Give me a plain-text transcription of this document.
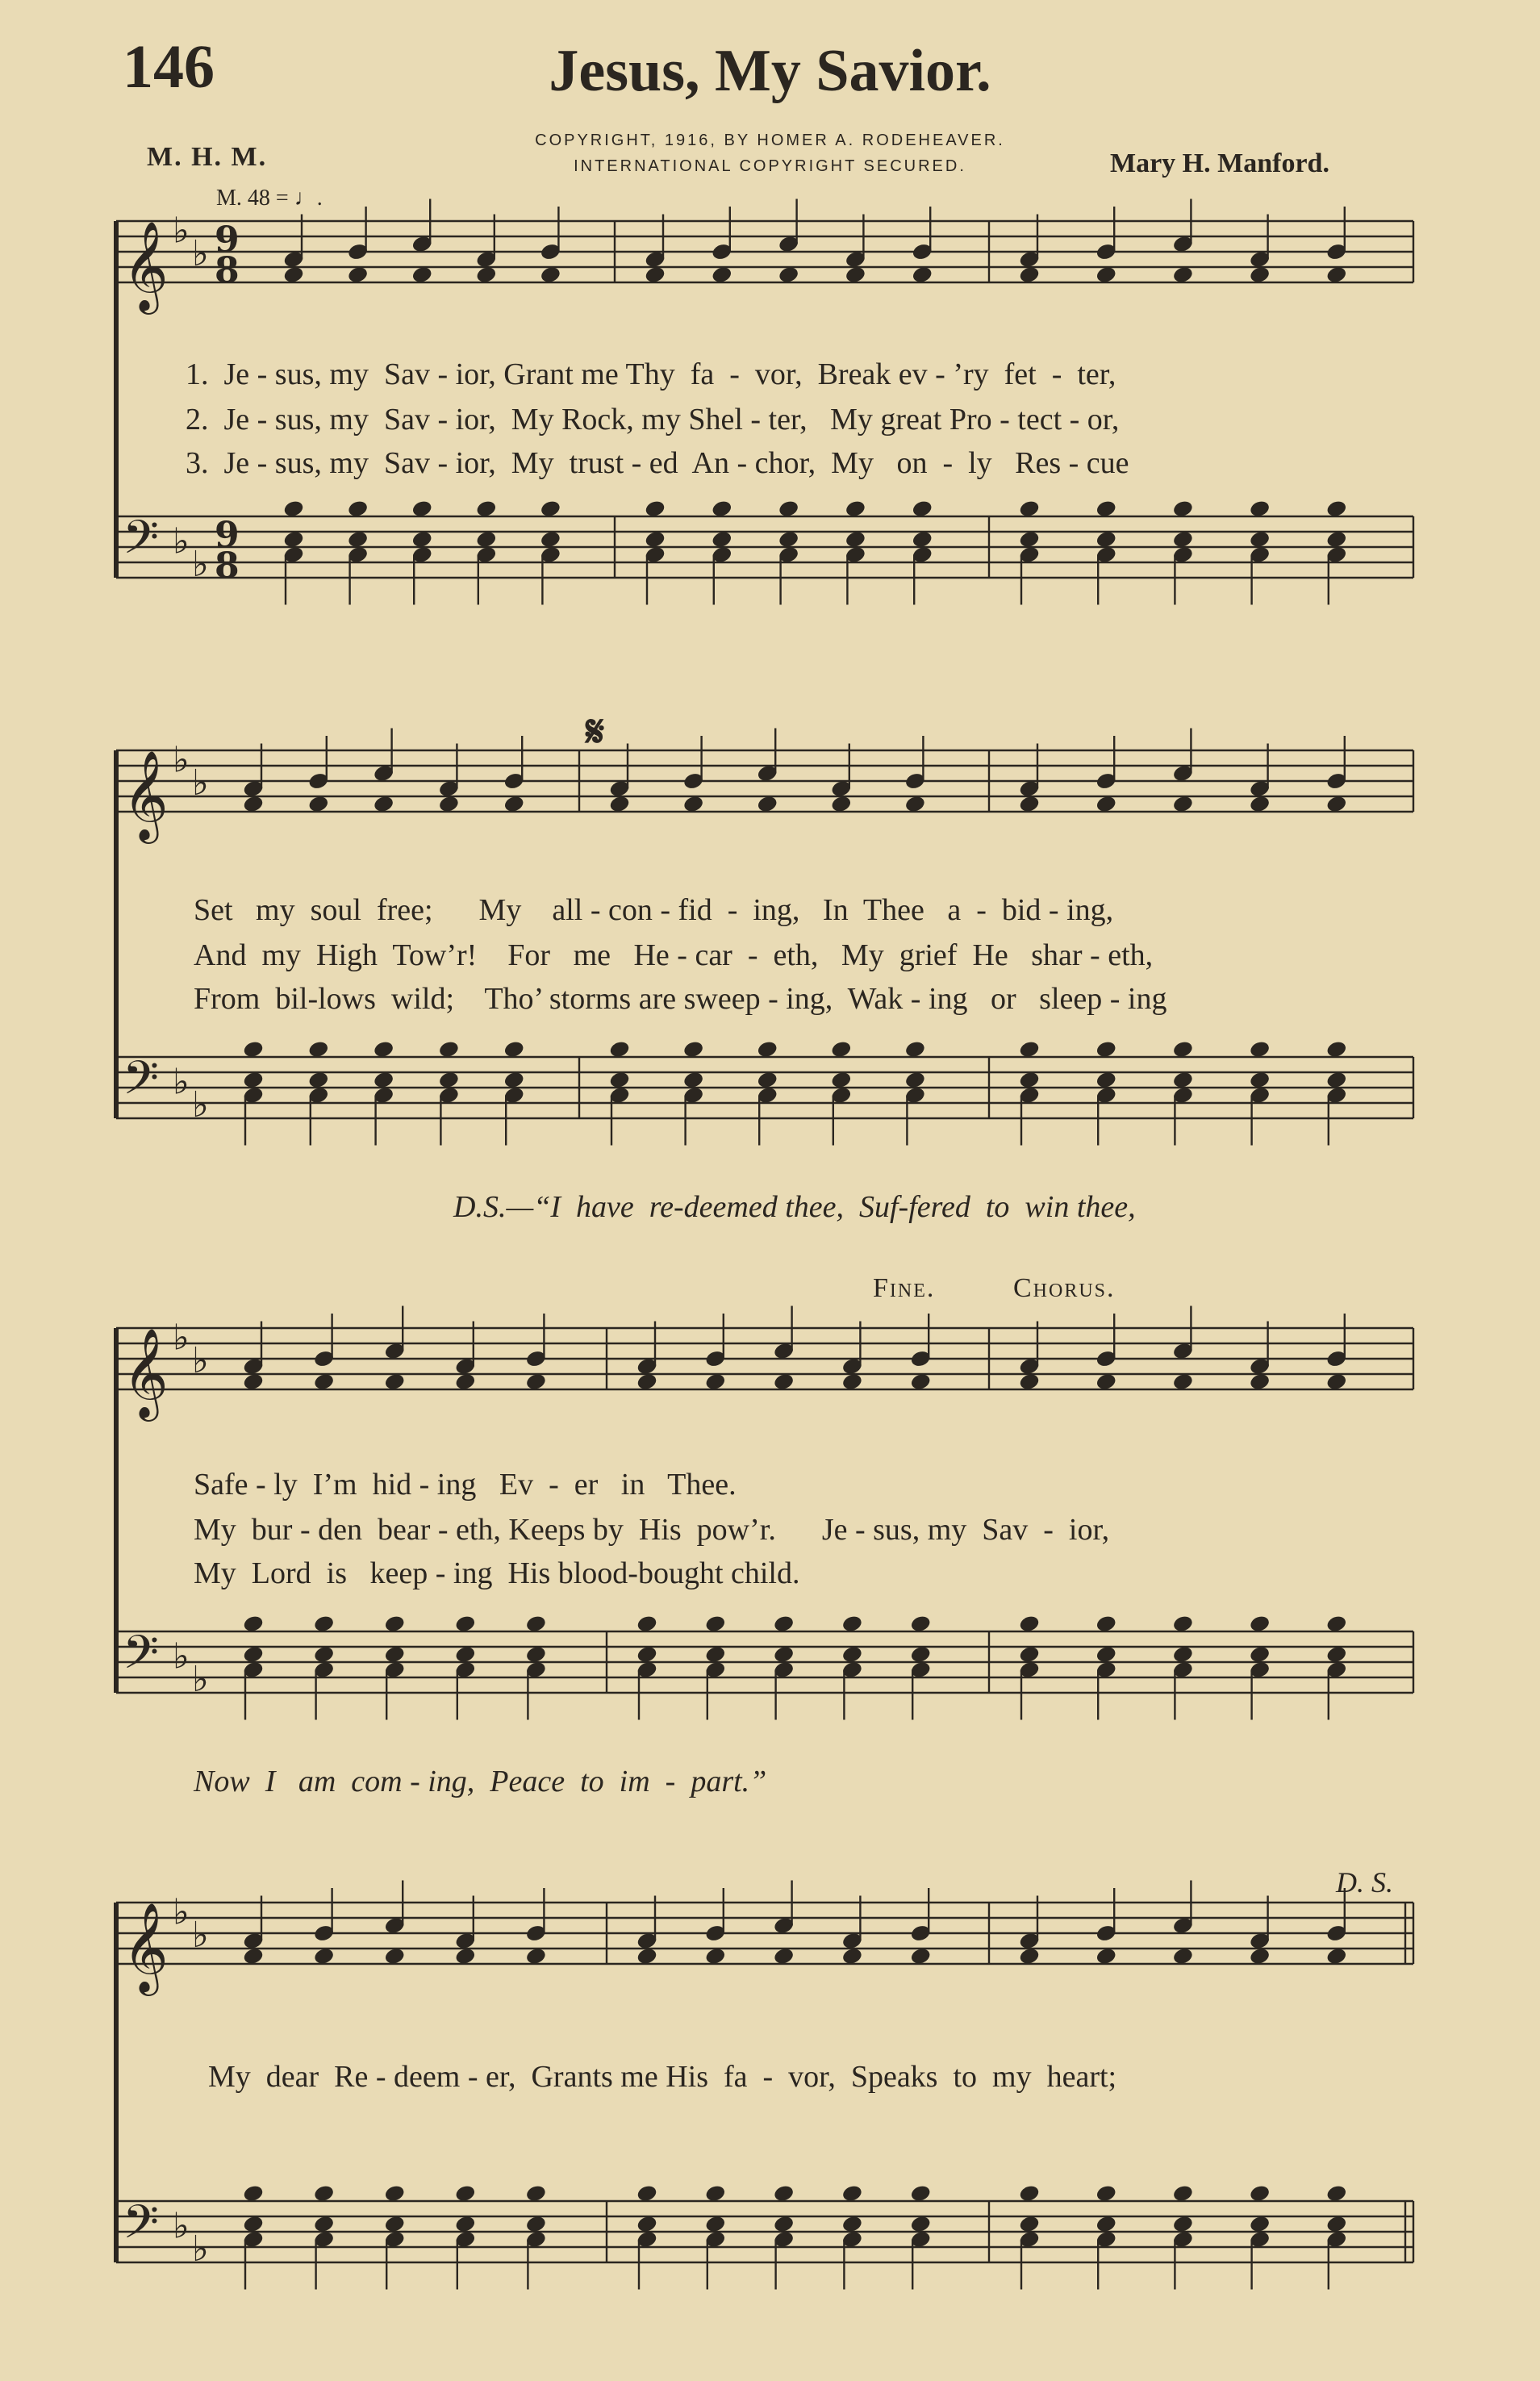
146	Jesus, My Savior.
COPYRIGHT, 1916, BY HOMER A. RODEHEAVER.
INTERNATIONAL COPYRIGHT SECURED.
M. H. M.	Mary H. Manford.
M. 48 = ♩.
𝄞
𝄢
♭
♭
♭
♭
9
8
9
8
𝄞
𝄢
♭
♭
♭
♭
𝄞
𝄢
♭
♭
♭
♭
𝄞
𝄢
♭
♭
♭
♭
1.  Je - sus, my  Sav - ior, Grant me Thy  fa  -  vor,  Break ev - ’ry  fet  -  ter,
2.  Je - sus, my  Sav - ior,  My Rock, my Shel - ter,   My great Pro - tect - or,
3.  Je - sus, my  Sav - ior,  My  trust - ed  An - chor,  My   on  -  ly   Res - cue
𝄋
Set   my  soul  free;      My    all - con - fid  -  ing,   In  Thee   a  -  bid - ing,
And  my  High  Tow’r!    For   me   He - car  -  eth,   My  grief  He   shar - eth,
From  bil-lows  wild;    Tho’ storms are sweep - ing,  Wak - ing   or   sleep - ing
D.S.—“I  have  re-deemed thee,  Suf-fered  to  win thee,
Fine.	Chorus.
Safe - ly  I’m  hid - ing   Ev  -  er   in   Thee.
My  bur - den  bear - eth, Keeps by  His  pow’r.      Je - sus, my  Sav  -  ior,
My  Lord  is   keep - ing  His blood-bought child.
Now  I   am  com - ing,  Peace  to  im  -  part.”
D. S.
My  dear  Re - deem - er,  Grants me His  fa  -  vor,  Speaks  to  my  heart;
